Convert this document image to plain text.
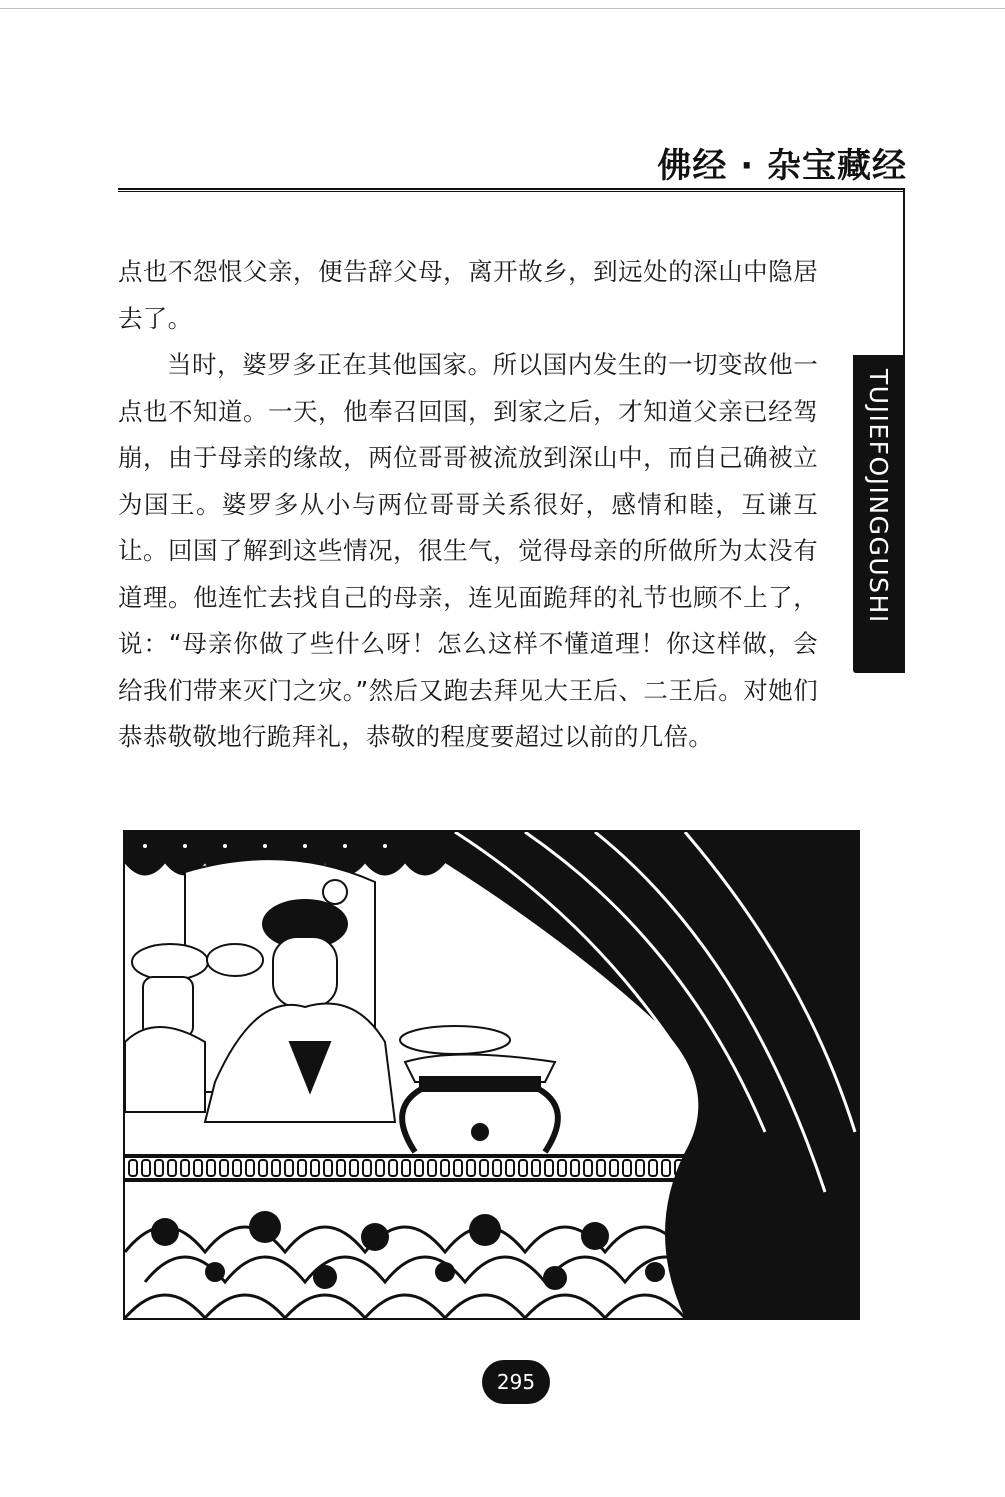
佛经 · 杂宝藏经
TUJIEFOJINGGUSHI

点也不怨恨父亲，便告辞父母，离开故乡，到远处的深山中隐居去了。

当时，婆罗多正在其他国家。所以国内发生的一切变故他一点也不知道。一天，他奉召回国，到家之后，才知道父亲已经驾崩，由于母亲的缘故，两位哥哥被流放到深山中，而自己确被立为国王。婆罗多从小与两位哥哥关系很好，感情和睦，互谦互让。回国了解到这些情况，很生气，觉得母亲的所做所为太没有道理。他连忙去找自己的母亲，连见面跪拜的礼节也顾不上了，说：“母亲你做了些什么呀！怎么这样不懂道理！你这样做，会给我们带来灭门之灾。”然后又跑去拜见大王后、二王后。对她们恭恭敬敬地行跪拜礼，恭敬的程度要超过以前的几倍。

295
